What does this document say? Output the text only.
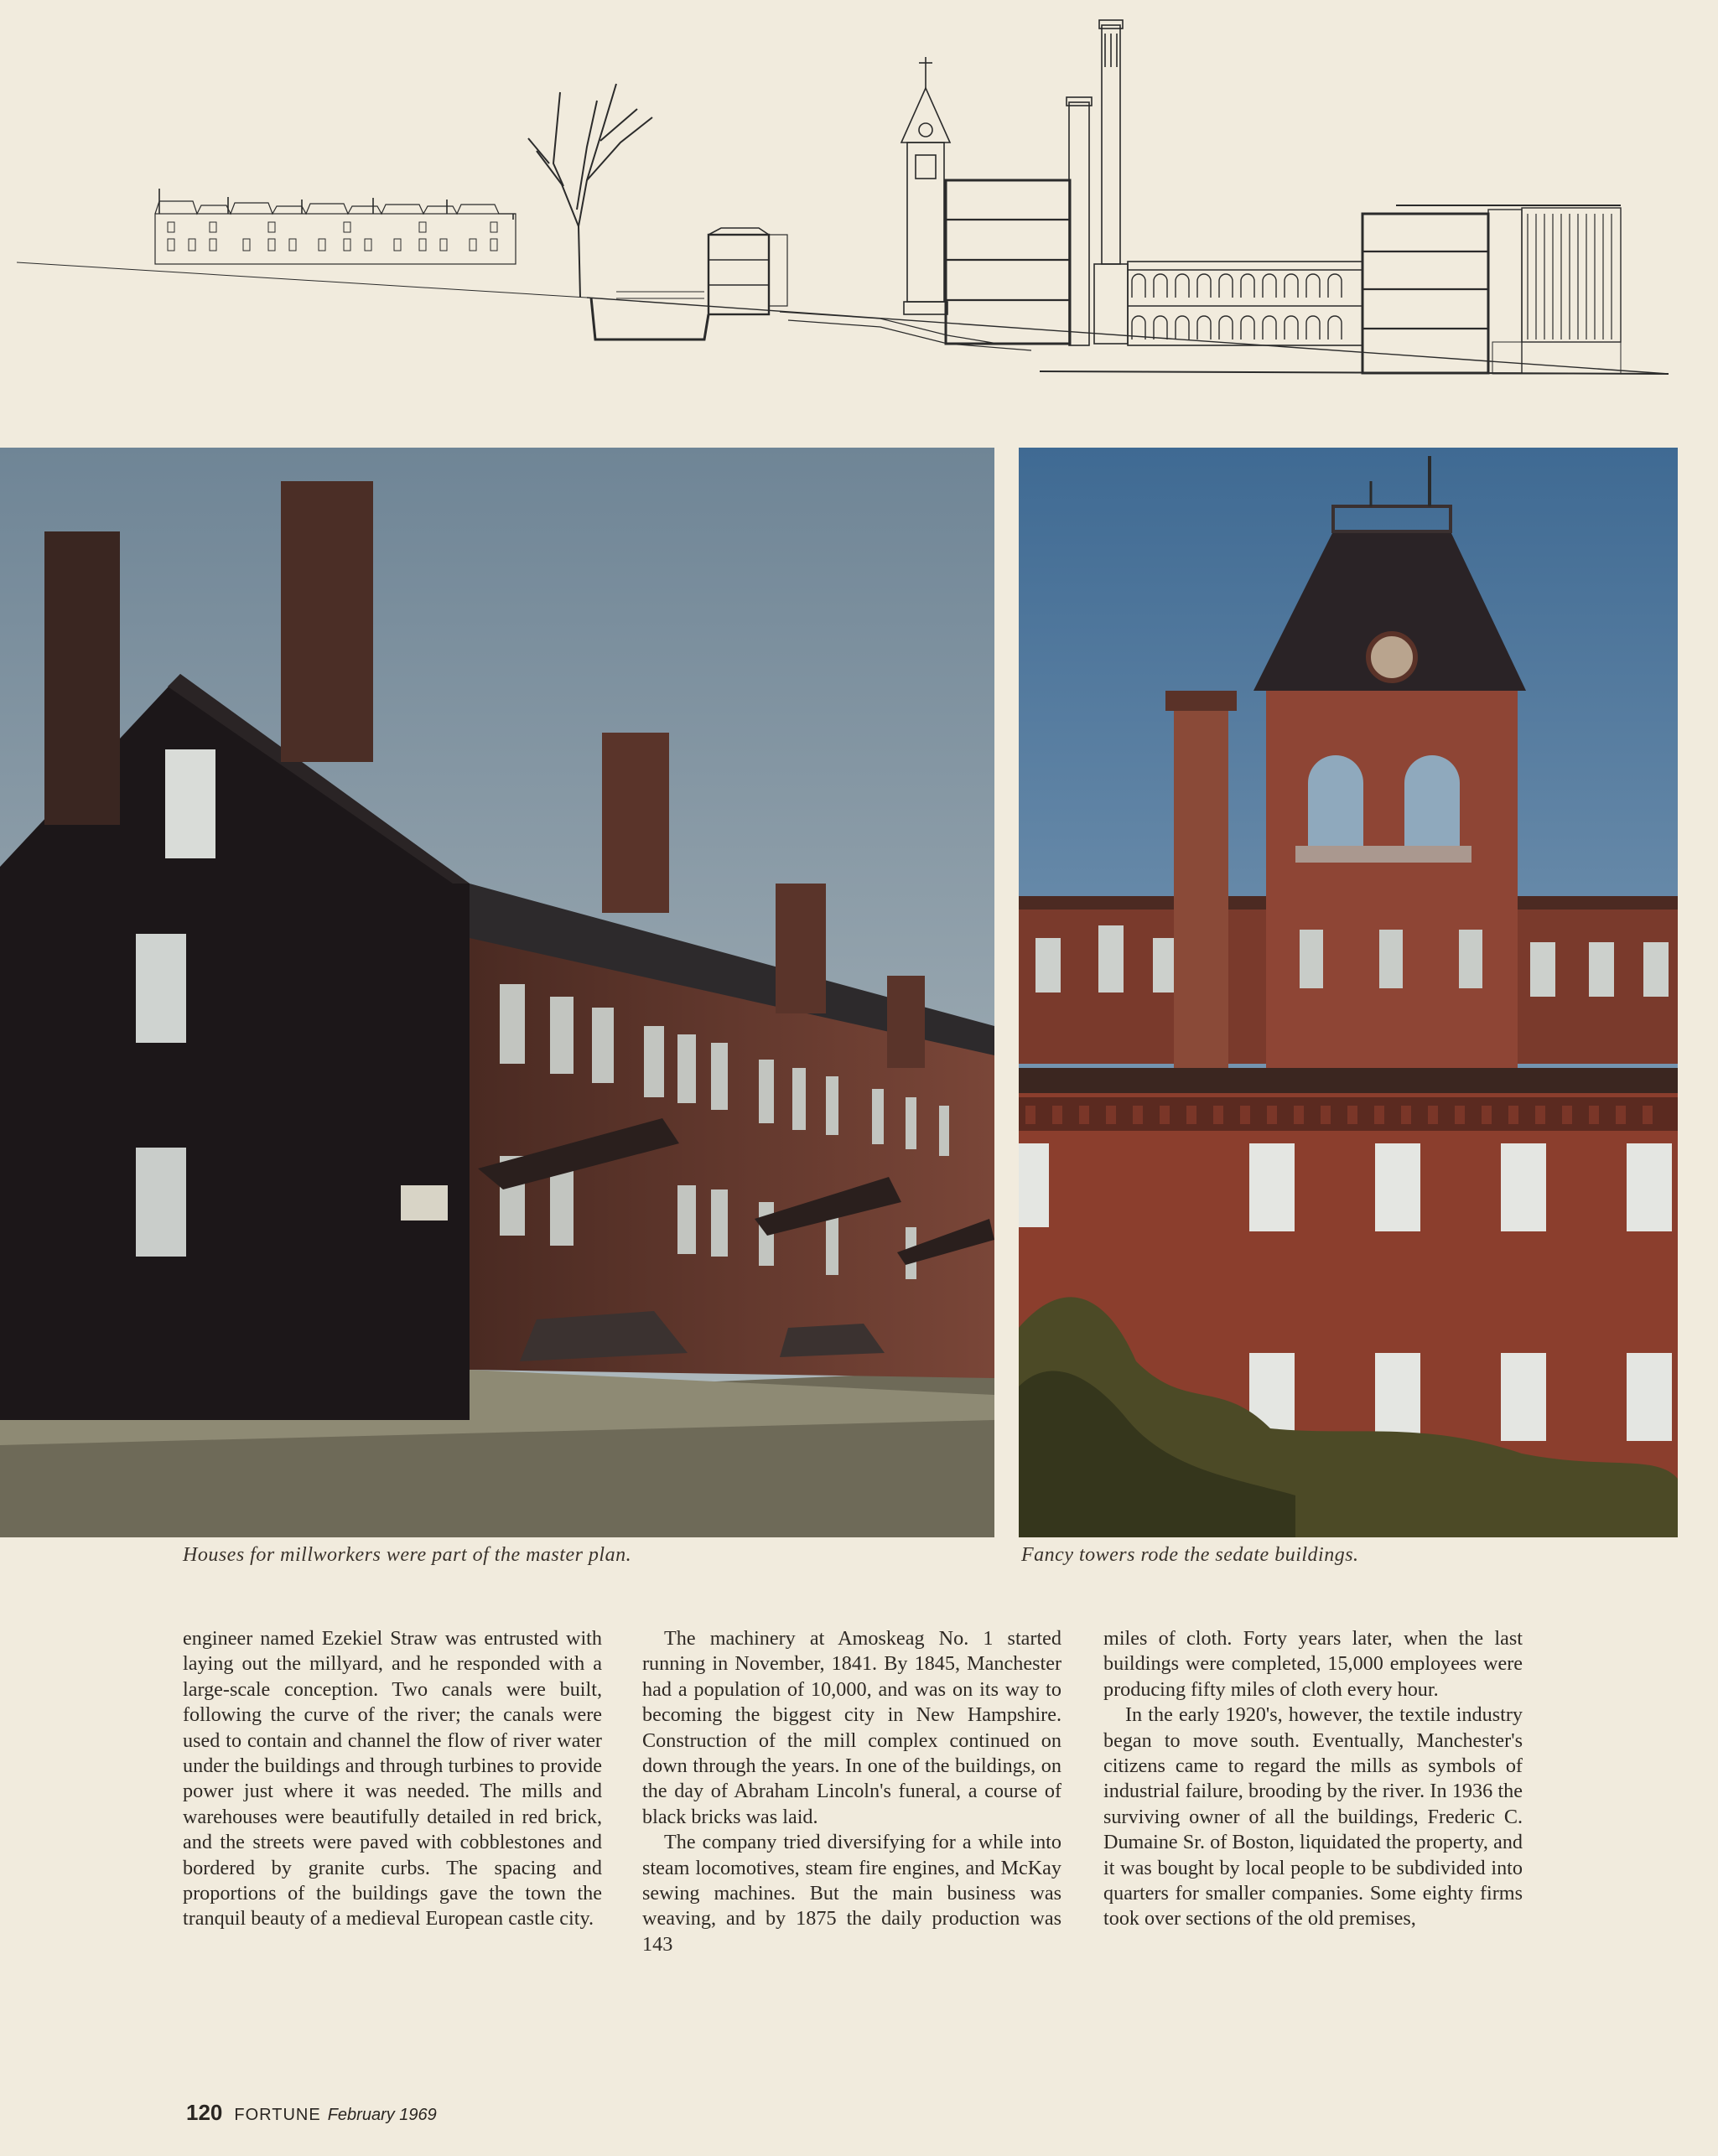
Houses for millworkers were part of the master plan.	Fancy towers rode the sedate buildings.

engineer named Ezekiel Straw was entrusted with laying out the millyard, and he responded with a large-scale conception. Two canals were built, following the curve of the river; the canals were used to contain and channel the flow of river water under the buildings and through turbines to provide power just where it was needed. The mills and warehouses were beautifully detailed in red brick, and the streets were paved with cobblestones and bordered by granite curbs. The spacing and proportions of the buildings gave the town the tranquil beauty of a medieval European castle city.

The machinery at Amoskeag No. 1 started running in November, 1841. By 1845, Manchester had a population of 10,000, and was on its way to becoming the biggest city in New Hampshire. Construction of the mill complex continued on down through the years. In one of the buildings, on the day of Abraham Lincoln's funeral, a course of black bricks was laid.

The company tried diversifying for a while into steam locomotives, steam fire engines, and McKay sewing machines. But the main business was weaving, and by 1875 the daily production was 143

miles of cloth. Forty years later, when the last buildings were completed, 15,000 employees were producing fifty miles of cloth every hour.

In the early 1920's, however, the textile industry began to move south. Eventually, Manchester's citizens came to regard the mills as symbols of industrial failure, brooding by the river. In 1936 the surviving owner of all the buildings, Frederic C. Dumaine Sr. of Boston, liquidated the property, and it was bought by local people to be subdivided into quarters for smaller companies. Some eighty firms took over sections of the old premises,

120 FORTUNE February 1969
